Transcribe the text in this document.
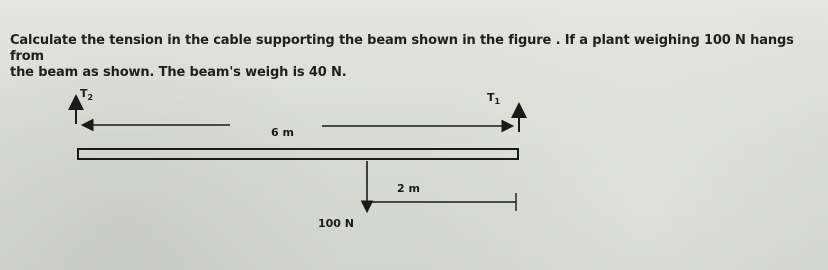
Calculate the tension in the cable supporting the beam shown in the figure . If a plant weighing 100 N hangs from
the beam as shown. The beam's weigh is 40 N.
$T_2$	$T_1$
6 m
100 N
2 m
